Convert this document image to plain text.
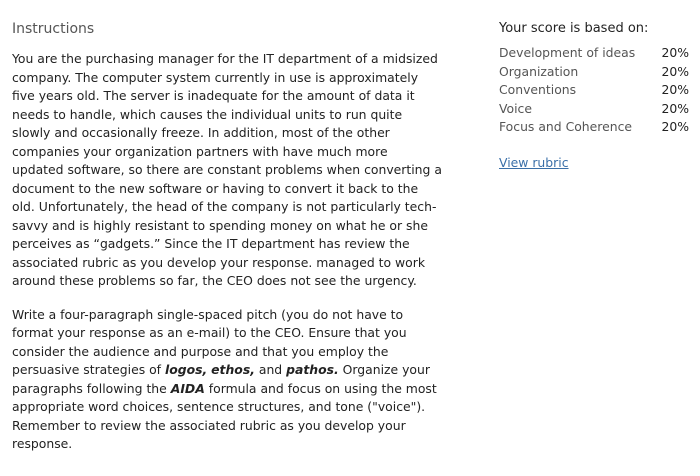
Instructions

You are the purchasing manager for the IT department of a midsized company. The computer system currently in use is approximately five years old. The server is inadequate for the amount of data it needs to handle, which causes the individual units to run quite slowly and occasionally freeze. In addition, most of the other companies your organization partners with have much more updated software, so there are constant problems when converting a document to the new software or having to convert it back to the old. Unfortunately, the head of the company is not particularly tech-savvy and is highly resistant to spending money on what he or she perceives as “gadgets.” Since the IT department has review the associated rubric as you develop your response. managed to work around these problems so far, the CEO does not see the urgency.

Write a four-paragraph single-spaced pitch (you do not have to format your response as an e-mail) to the CEO. Ensure that you consider the audience and purpose and that you employ the persuasive strategies of logos, ethos, and pathos. Organize your paragraphs following the AIDA formula and focus on using the most appropriate word choices, sentence structures, and tone ("voice"). Remember to review the associated rubric as you develop your response.

Your score is based on:
Development of ideas 20%
Organization	20%
Conventions	20%
Voice	20%
Focus and Coherence 20%
View rubric
